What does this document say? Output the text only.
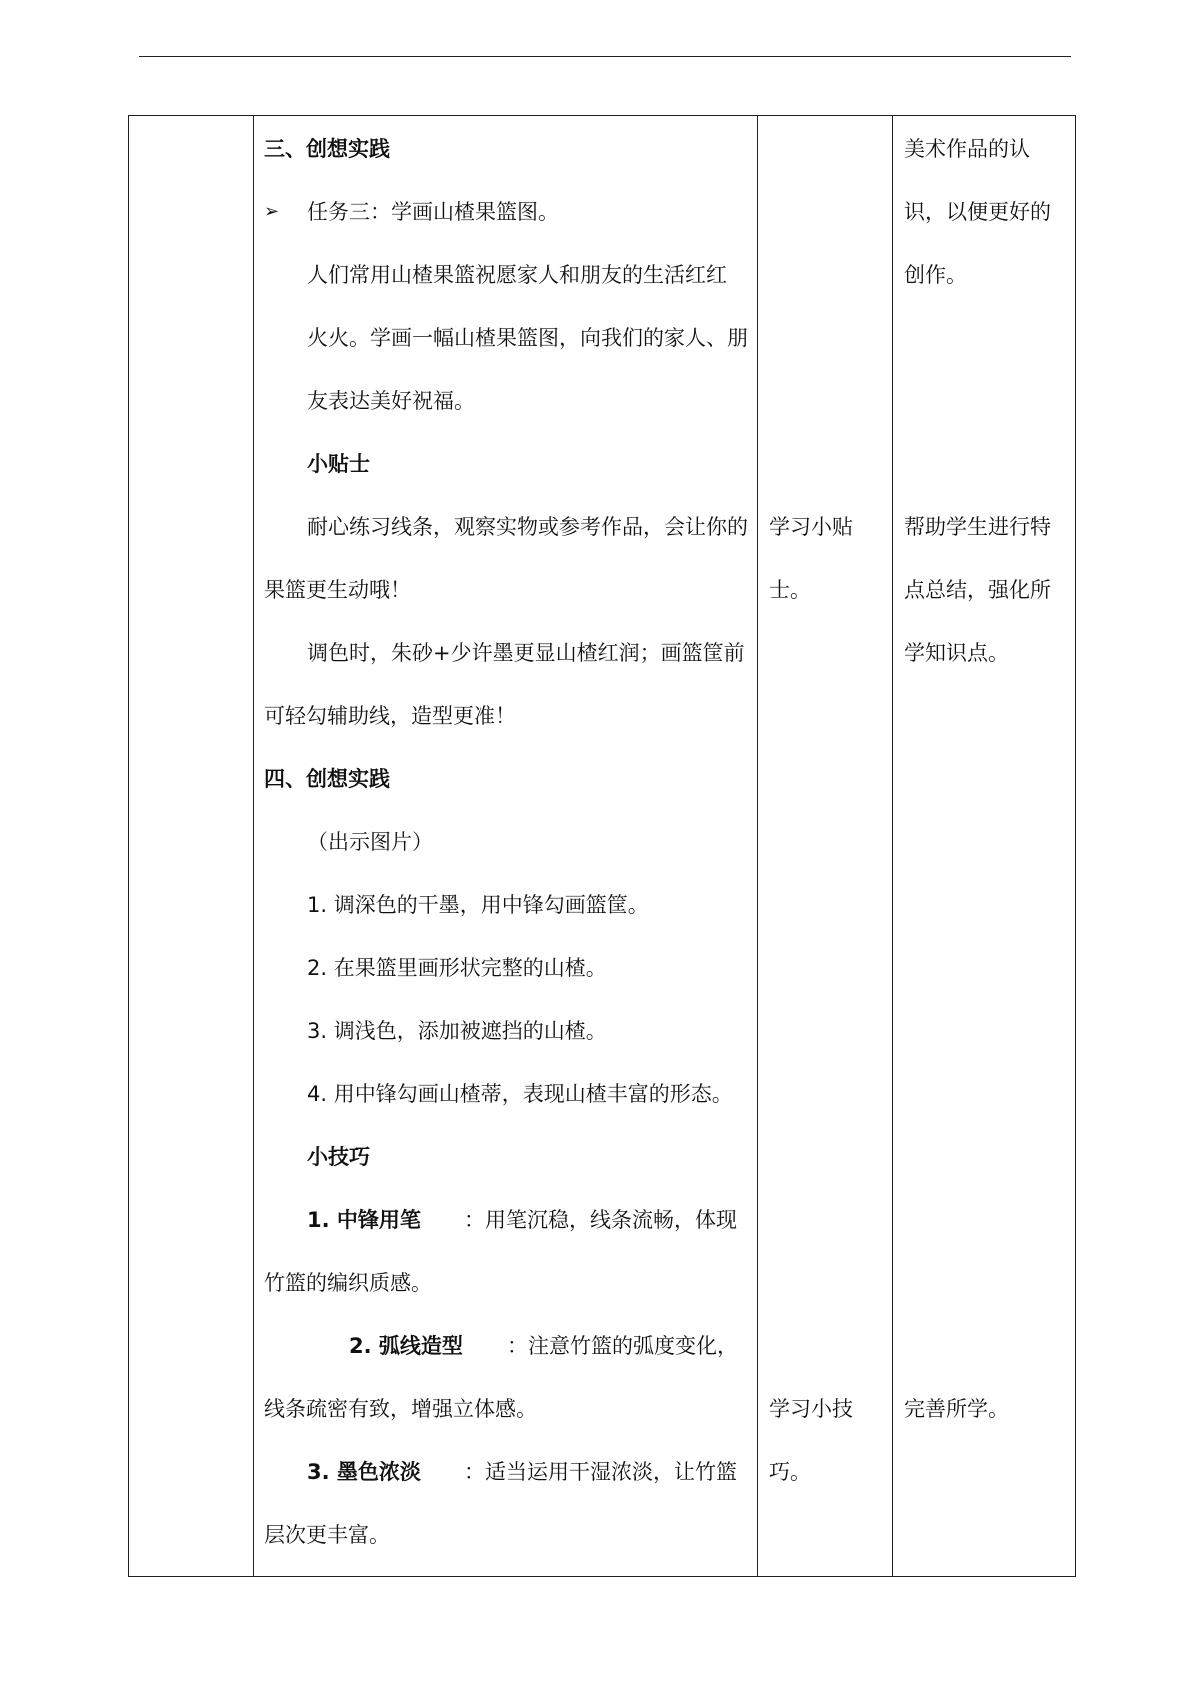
三、创想实践
➢ 任务三：学画山楂果篮图。
人们常用山楂果篮祝愿家人和朋友的生活红红
火火。学画一幅山楂果篮图，向我们的家人、朋
友表达美好祝福。
小贴士
耐心练习线条，观察实物或参考作品，会让你的
果篮更生动哦！
调色时，朱砂+少许墨更显山楂红润；画篮筐前
可轻勾辅助线，造型更准！
四、创想实践
（出示图片）
1. 调深色的干墨，用中锋勾画篮筐。
2. 在果篮里画形状完整的山楂。
3. 调浅色，添加被遮挡的山楂。
4. 用中锋勾画山楂蒂，表现山楂丰富的形态。
小技巧
1. 中锋用笔 ：用笔沉稳，线条流畅，体现
竹篮的编织质感。
2. 弧线造型 ：注意竹篮的弧度变化，
线条疏密有致，增强立体感。
3. 墨色浓淡 ：适当运用干湿浓淡，让竹篮
层次更丰富。
学习小贴
士。
学习小技
巧。
美术作品的认
识，以便更好的
创作。
帮助学生进行特
点总结，强化所
学知识点。
完善所学。
